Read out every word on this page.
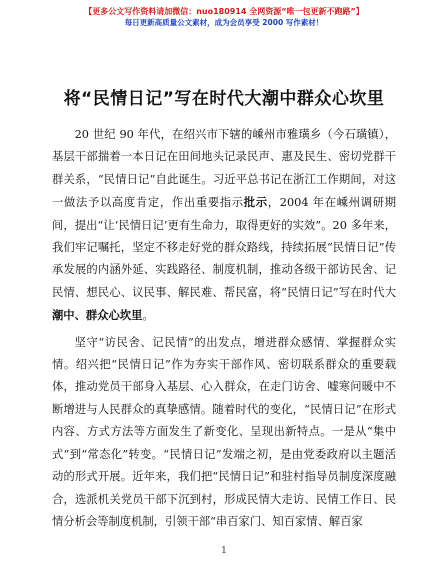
【更多公文写作资料请加微信：nuo180914 全网资源“唯一包更新不跑路”】
每日更新高质量公文素材，成为会员享受 2000 写作素材！
将“民情日记”写在时代大潮中群众心坎里

20 世纪 90 年代，在绍兴市下辖的嵊州市雅璜乡（今石璜镇），基层干部揣着一本日记在田间地头记录民声、惠及民生、密切党群干群关系，“民情日记”自此诞生。习近平总书记在浙江工作期间，对这一做法予以高度肯定，作出重要指示批示，2004 年在嵊州调研期间，提出“让‘民情日记’更有生命力，取得更好的实效”。20 多年来，我们牢记嘱托，坚定不移走好党的群众路线，持续拓展“民情日记”传承发展的内涵外延、实践路径、制度机制，推动各级干部访民舍、记民情、想民心、议民事、解民难、帮民富，将“民情日记”写在时代大潮中、群众心坎里。

坚守“访民舍、记民情”的出发点，增进群众感情、掌握群众实情。绍兴把“民情日记”作为夯实干部作风、密切联系群众的重要载体，推动党员干部身入基层、心入群众，在走门访舍、嘘寒问暖中不断增进与人民群众的真挚感情。随着时代的变化，“民情日记”在形式内容、方式方法等方面发生了新变化、呈现出新特点。一是从“集中式”到“常态化”转变。“民情日记”发端之初，是由党委政府以主题活动的形式开展。近年来，我们把“民情日记”和驻村指导员制度深度融合，选派机关党员干部下沉到村，形成民情大走访、民情工作日、民情分析会等制度机制，引领干部“串百家门、知百家情、解百家

1
